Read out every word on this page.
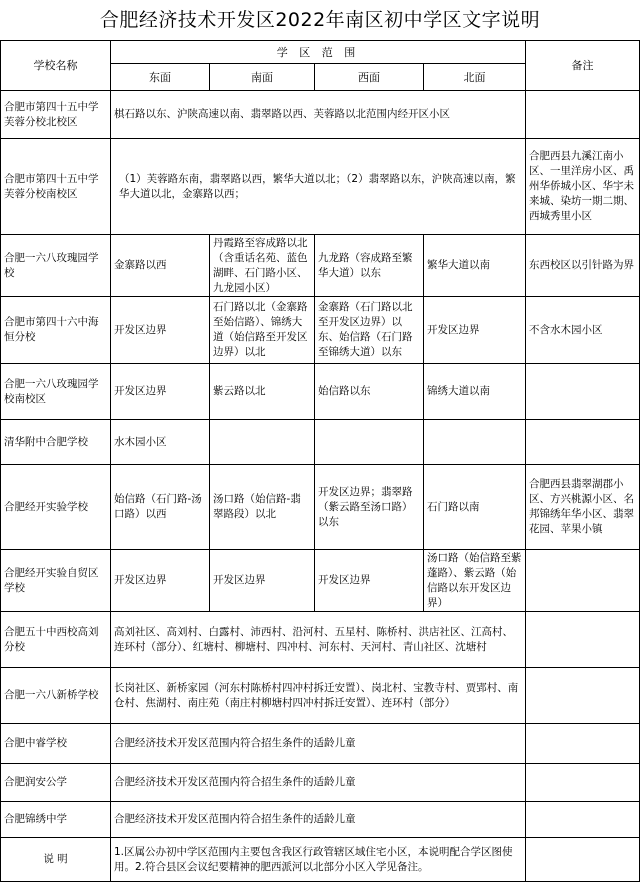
合肥经济技术开发区2022年南区初中学区文字说明
学校名称	学 区 范 围				备注
	东面	南面	西面	北面	
合肥市第四十五中学芙蓉分校北校区	棋石路以东、沪陕高速以南、翡翠路以西、芙蓉路以北范围内经开区小区				
合肥市第四十五中学芙蓉分校南校区	（1）芙蓉路东南，翡翠路以西，繁华大道以北；（2）翡翠路以东，沪陕高速以南，繁华大道以北，金寨路以西；				合肥西县九溪江南小区、一里洋房小区、禹州华侨城小区、华宇未来城、染坊一期二期、西城秀里小区
合肥一六八玫瑰园学校	金寨路以西	丹霞路至容成路以北（含重话名苑、蓝色湖畔、石门路小区、九龙园小区）	九龙路（容成路至繁华大道）以东	繁华大道以南	东西校区以引针路为界
合肥市第四十六中海恒分校	开发区边界	石门路以北（金寨路至始信路）、锦绣大道（始信路至开发区边界）以北	金寨路（石门路以北至开发区边界）以东、始信路（石门路至锦绣大道）以东	开发区边界	不含水木园小区
合肥一六八玫瑰园学校南校区	开发区边界	紫云路以北	始信路以东	锦绣大道以南	
清华附中合肥学校	水木园小区				
合肥经开实验学校	始信路（石门路-汤口路）以西	汤口路（始信路-翡翠路段）以北	开发区边界；翡翠路（紫云路至汤口路）以东	石门路以南	合肥西县翡翠湖郡小区、方兴桃源小区、名邦锦绣年华小区、翡翠花园、苹果小镇
合肥经开实验自贸区学校	开发区边界	开发区边界	开发区边界	汤口路（始信路至紫蓬路）、紫云路（始信路以东开发区边界）	
合肥五十中西校高刘分校	高刘社区、高刘村、白露村、沛西村、沿河村、五星村、陈桥村、洪店社区、江高村、连环村（部分）、红塘村、柳塘村、四冲村、河东村、天河村、青山社区、沈塘村				
合肥一六八新桥学校	长岗社区、新桥家园（河东村陈桥村四冲村拆迁安置）、岗北村、宝教寺村、贾郢村、南仓村、焦湖村、南庄苑（南庄村柳塘村四冲村拆迁安置）、连环村（部分）				
合肥中睿学校	合肥经济技术开发区范围内符合招生条件的适龄儿童				
合肥润安公学	合肥经济技术开发区范围内符合招生条件的适龄儿童				
合肥锦绣中学	合肥经济技术开发区范围内符合招生条件的适龄儿童				
说 明	1.区属公办初中学区范围内主要包含我区行政管辖区域住宅小区，本说明配合学区图使用。2.符合县区会议纪要精神的肥西派河以北部分小区入学见备注。				
